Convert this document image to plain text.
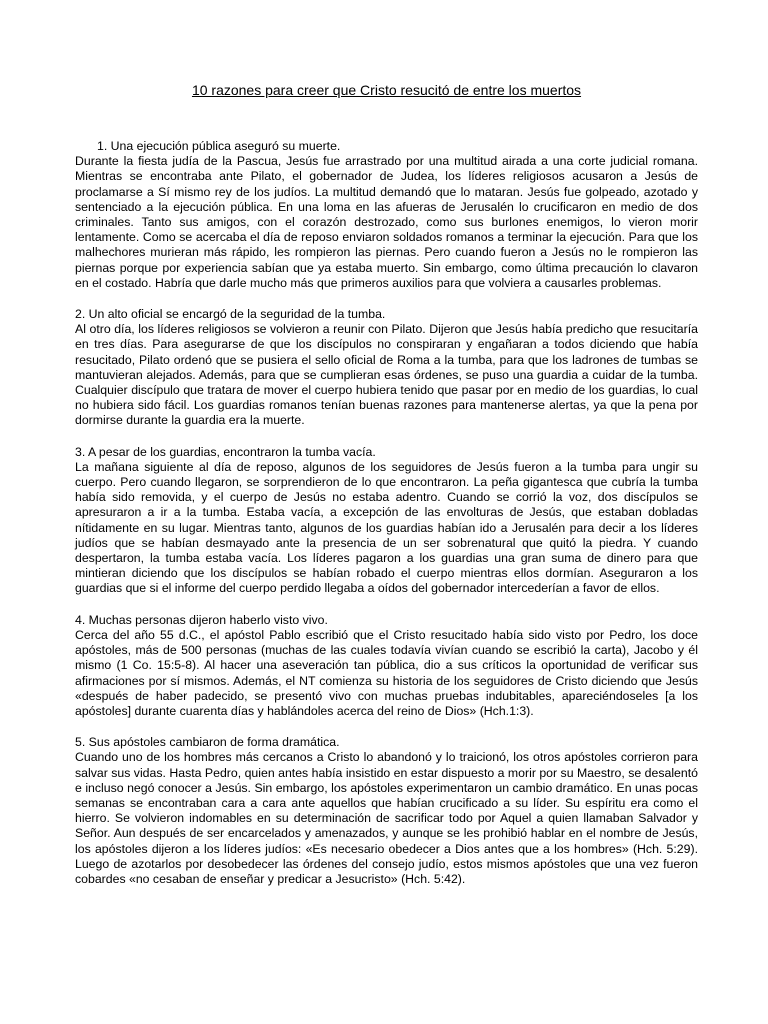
10 razones para creer que Cristo resucitó de entre los muertos

1. Una ejecución pública aseguró su muerte.
Durante la fiesta judía de la Pascua, Jesús fue arrastrado por una multitud airada a una corte judicial romana. Mientras se encontraba ante Pilato, el gobernador de Judea, los líderes religiosos acusaron a Jesús de proclamarse a Sí mismo rey de los judíos. La multitud demandó que lo mataran. Jesús fue golpeado, azotado y sentenciado a la ejecución pública. En una loma en las afueras de Jerusalén lo crucificaron en medio de dos criminales. Tanto sus amigos, con el corazón destrozado, como sus burlones enemigos, lo vieron morir lentamente. Como se acercaba el día de reposo enviaron soldados romanos a terminar la ejecución. Para que los malhechores murieran más rápido, les rompieron las piernas. Pero cuando fueron a Jesús no le rompieron las piernas porque por experiencia sabían que ya estaba muerto. Sin embargo, como última precaución lo clavaron en el costado. Habría que darle mucho más que primeros auxilios para que volviera a causarles problemas.

2. Un alto oficial se encargó de la seguridad de la tumba.
Al otro día, los líderes religiosos se volvieron a reunir con Pilato. Dijeron que Jesús había predicho que resucitaría en tres días. Para asegurarse de que los discípulos no conspiraran y engañaran a todos diciendo que había resucitado, Pilato ordenó que se pusiera el sello oficial de Roma a la tumba, para que los ladrones de tumbas se mantuvieran alejados. Además, para que se cumplieran esas órdenes, se puso una guardia a cuidar de la tumba. Cualquier discípulo que tratara de mover el cuerpo hubiera tenido que pasar por en medio de los guardias, lo cual no hubiera sido fácil. Los guardias romanos tenían buenas razones para mantenerse alertas, ya que la pena por dormirse durante la guardia era la muerte.

3. A pesar de los guardias, encontraron la tumba vacía.
La mañana siguiente al día de reposo, algunos de los seguidores de Jesús fueron a la tumba para ungir su cuerpo. Pero cuando llegaron, se sorprendieron de lo que encontraron. La peña gigantesca que cubría la tumba había sido removida, y el cuerpo de Jesús no estaba adentro. Cuando se corrió la voz, dos discípulos se apresuraron a ir a la tumba. Estaba vacía, a excepción de las envolturas de Jesús, que estaban dobladas nítidamente en su lugar. Mientras tanto, algunos de los guardias habían ido a Jerusalén para decir a los líderes judíos que se habían desmayado ante la presencia de un ser sobrenatural que quitó la piedra. Y cuando despertaron, la tumba estaba vacía. Los líderes pagaron a los guardias una gran suma de dinero para que mintieran diciendo que los discípulos se habían robado el cuerpo mientras ellos dormían. Aseguraron a los guardias que si el informe del cuerpo perdido llegaba a oídos del gobernador intercederían a favor de ellos.

4. Muchas personas dijeron haberlo visto vivo.
Cerca del año 55 d.C., el apóstol Pablo escribió que el Cristo resucitado había sido visto por Pedro, los doce apóstoles, más de 500 personas (muchas de las cuales todavía vivían cuando se escribió la carta), Jacobo y él mismo (1 Co. 15:5-8). Al hacer una aseveración tan pública, dio a sus críticos la oportunidad de verificar sus afirmaciones por sí mismos. Además, el NT comienza su historia de los seguidores de Cristo diciendo que Jesús «después de haber padecido, se presentó vivo con muchas pruebas indubitables, apareciéndoseles [a los apóstoles] durante cuarenta días y hablándoles acerca del reino de Dios» (Hch.1:3).

5. Sus apóstoles cambiaron de forma dramática.
Cuando uno de los hombres más cercanos a Cristo lo abandonó y lo traicionó, los otros apóstoles corrieron para salvar sus vidas. Hasta Pedro, quien antes había insistido en estar dispuesto a morir por su Maestro, se desalentó e incluso negó conocer a Jesús. Sin embargo, los apóstoles experimentaron un cambio dramático. En unas pocas semanas se encontraban cara a cara ante aquellos que habían crucificado a su líder. Su espíritu era como el hierro. Se volvieron indomables en su determinación de sacrificar todo por Aquel a quien llamaban Salvador y Señor. Aun después de ser encarcelados y amenazados, y aunque se les prohibió hablar en el nombre de Jesús, los apóstoles dijeron a los líderes judíos: «Es necesario obedecer a Dios antes que a los hombres» (Hch. 5:29). Luego de azotarlos por desobedecer las órdenes del consejo judío, estos mismos apóstoles que una vez fueron cobardes «no cesaban de enseñar y predicar a Jesucristo» (Hch. 5:42).
